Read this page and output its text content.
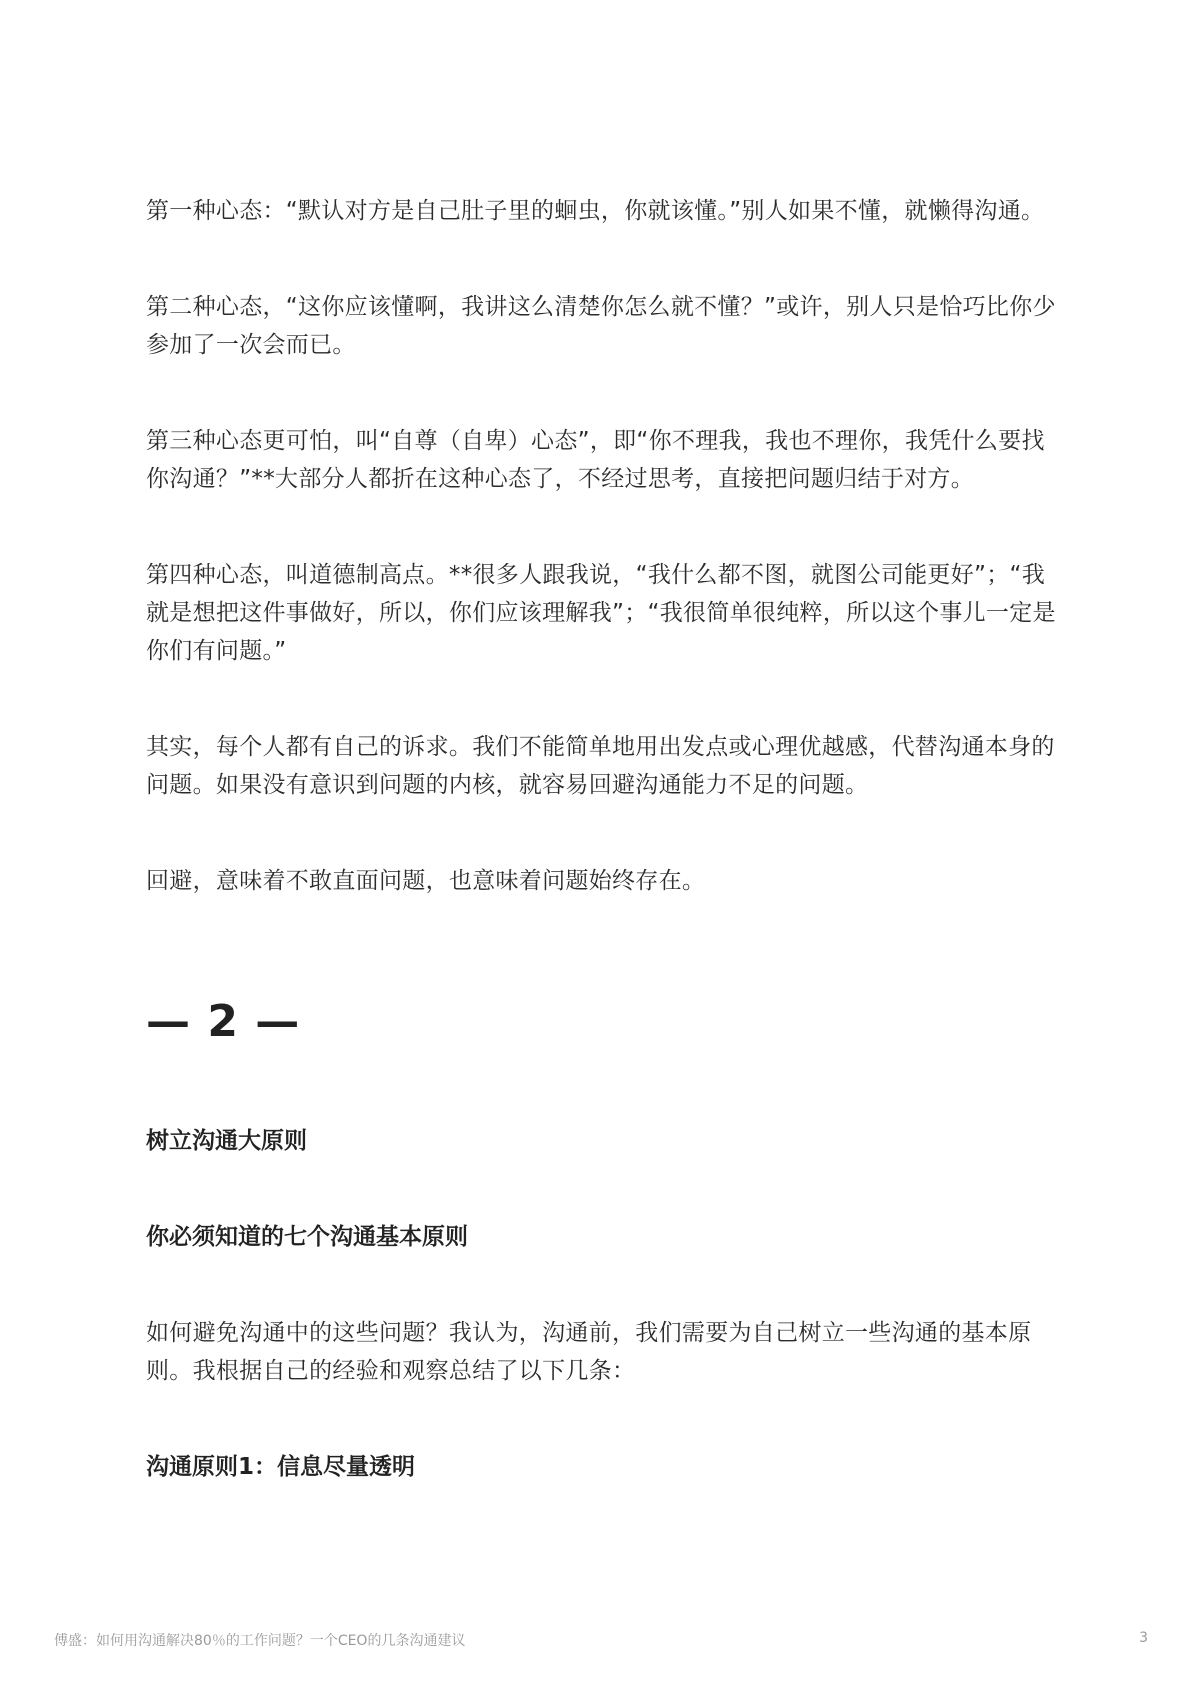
第一种心态：“默认对方是自己肚子里的蛔虫，你就该懂。”别人如果不懂，就懒得沟通。

第二种心态，“这你应该懂啊，我讲这么清楚你怎么就不懂？”或许，别人只是恰巧比你少参加了一次会而已。

第三种心态更可怕，叫“自尊（自卑）心态”，即“你不理我，我也不理你，我凭什么要找你沟通？”**大部分人都折在这种心态了，不经过思考，直接把问题归结于对方。

第四种心态，叫道德制高点。**很多人跟我说，“我什么都不图，就图公司能更好”；“我就是想把这件事做好，所以，你们应该理解我”；“我很简单很纯粹，所以这个事儿一定是你们有问题。”

其实，每个人都有自己的诉求。我们不能简单地用出发点或心理优越感，代替沟通本身的问题。如果没有意识到问题的内核，就容易回避沟通能力不足的问题。

回避，意味着不敢直面问题，也意味着问题始终存在。

— 2 —

树立沟通大原则

你必须知道的七个沟通基本原则

如何避免沟通中的这些问题？我认为，沟通前，我们需要为自己树立一些沟通的基本原则。我根据自己的经验和观察总结了以下几条：

沟通原则1：信息尽量透明

傅盛：如何用沟通解决80％的工作问题？一个CEO的几条沟通建议	3
